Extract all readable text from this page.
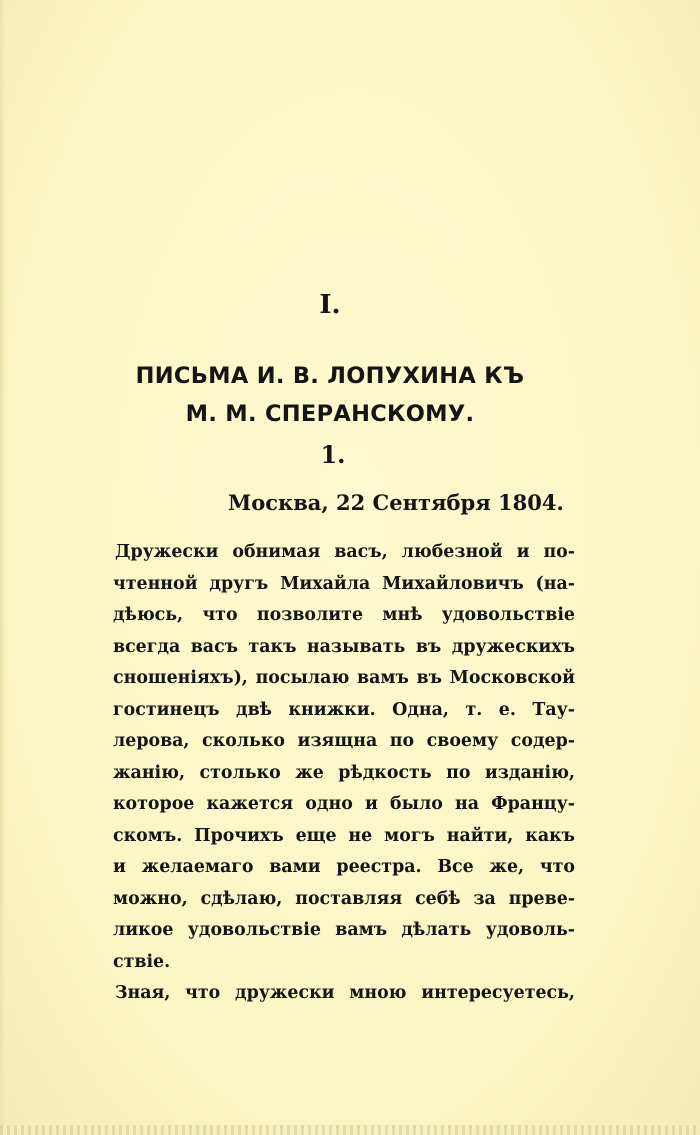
I.
ПИСЬМА И. В. ЛОПУХИНА КЪ
М. М. СПЕРАНСКОМУ.
1.
Москва, 22 Сентября 1804.
Дружески обнимая васъ, любезной и по-
чтенной другъ Михайла Михайловичъ (на-
дѣюсь, что позволите мнѣ удовольствіе
всегда васъ такъ называть въ дружескихъ
сношеніяхъ), посылаю вамъ въ Московской
гостинецъ двѣ книжки. Одна, т. е. Тау-
лерова, сколько изящна по своему содер-
жанію, столько же рѣдкость по изданію,
которое кажется одно и было на Францу-
скомъ. Прочихъ еще не могъ найти, какъ
и желаемаго вами реестра. Все же, что
можно, сдѣлаю, поставляя себѣ за преве-
ликое удовольствіе вамъ дѣлать удоволь-
ствіе.
Зная, что дружески мною интересуетесь,
